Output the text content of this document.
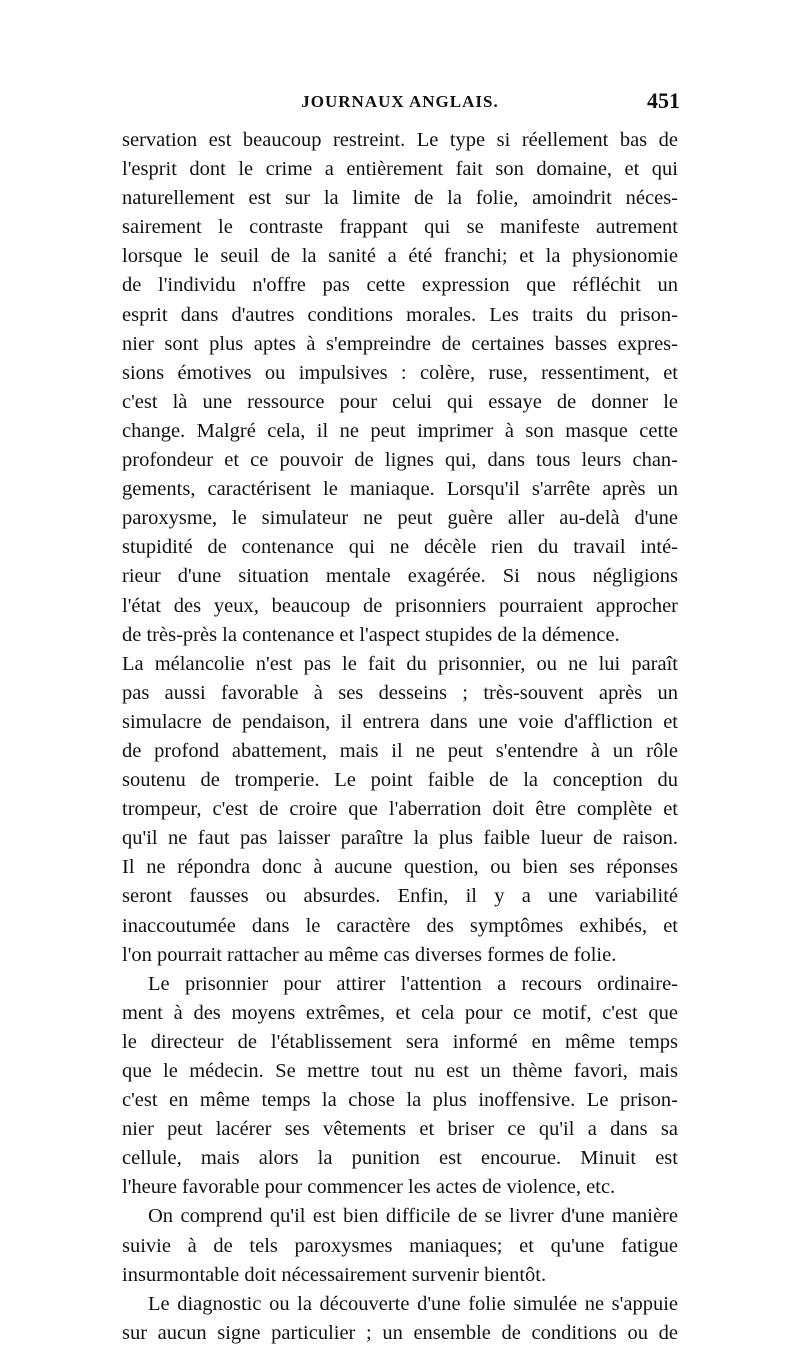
JOURNAUX ANGLAIS.	451
servation est beaucoup restreint. Le type si réellement bas de
l'esprit dont le crime a entièrement fait son domaine, et qui
naturellement est sur la limite de la folie, amoindrit néces-
sairement le contraste frappant qui se manifeste autrement
lorsque le seuil de la sanité a été franchi; et la physionomie
de l'individu n'offre pas cette expression que réfléchit un
esprit dans d'autres conditions morales. Les traits du prison-
nier sont plus aptes à s'empreindre de certaines basses expres-
sions émotives ou impulsives : colère, ruse, ressentiment, et
c'est là une ressource pour celui qui essaye de donner le
change. Malgré cela, il ne peut imprimer à son masque cette
profondeur et ce pouvoir de lignes qui, dans tous leurs chan-
gements, caractérisent le maniaque. Lorsqu'il s'arrête après un
paroxysme, le simulateur ne peut guère aller au-delà d'une
stupidité de contenance qui ne décèle rien du travail inté-
rieur d'une situation mentale exagérée. Si nous négligions
l'état des yeux, beaucoup de prisonniers pourraient approcher
de très-près la contenance et l'aspect stupides de la démence.
La mélancolie n'est pas le fait du prisonnier, ou ne lui paraît
pas aussi favorable à ses desseins ; très-souvent après un
simulacre de pendaison, il entrera dans une voie d'affliction et
de profond abattement, mais il ne peut s'entendre à un rôle
soutenu de tromperie. Le point faible de la conception du
trompeur, c'est de croire que l'aberration doit être complète et
qu'il ne faut pas laisser paraître la plus faible lueur de raison.
Il ne répondra donc à aucune question, ou bien ses réponses
seront fausses ou absurdes. Enfin, il y a une variabilité
inaccoutumée dans le caractère des symptômes exhibés, et
l'on pourrait rattacher au même cas diverses formes de folie.
Le prisonnier pour attirer l'attention a recours ordinaire-
ment à des moyens extrêmes, et cela pour ce motif, c'est que
le directeur de l'établissement sera informé en même temps
que le médecin. Se mettre tout nu est un thème favori, mais
c'est en même temps la chose la plus inoffensive. Le prison-
nier peut lacérer ses vêtements et briser ce qu'il a dans sa
cellule, mais alors la punition est encourue. Minuit est
l'heure favorable pour commencer les actes de violence, etc.
On comprend qu'il est bien difficile de se livrer d'une manière
suivie à de tels paroxysmes maniaques; et qu'une fatigue
insurmontable doit nécessairement survenir bientôt.
Le diagnostic ou la découverte d'une folie simulée ne s'appuie
sur aucun signe particulier ; un ensemble de conditions ou de
